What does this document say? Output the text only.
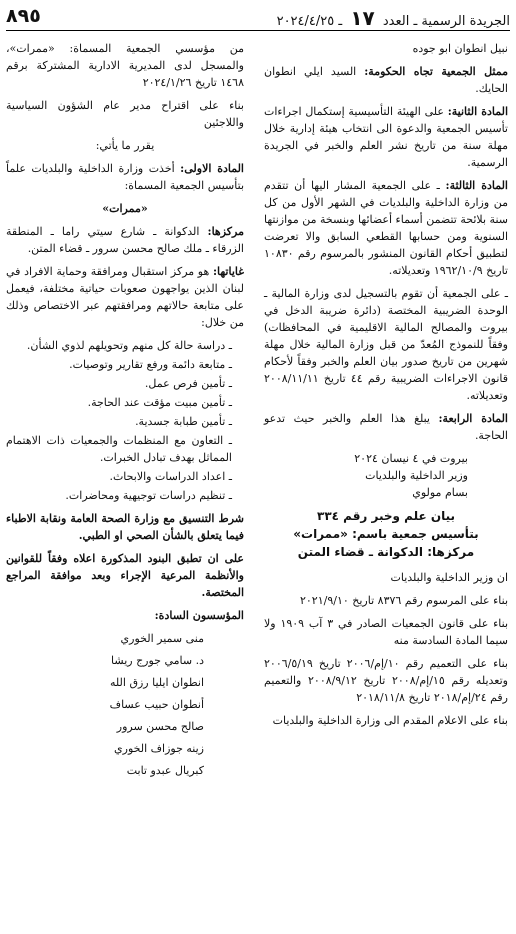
٨٩٥	الجريدة الرسمية ـ العدد ١٧ ـ ٢٠٢٤/٤/٢٥

نبيل انطوان ابو جوده

ممثل الجمعية تجاه الحكومة: السيد ايلي انطوان الحايك.

المادة الثانية: على الهيئة التأسيسية إستكمال اجراءات تأسيس الجمعية والدعوة الى انتخاب هيئة إدارية خلال مهلة سنة من تاريخ نشر العلم والخبر في الجريدة الرسمية.

المادة الثالثة: ـ على الجمعية المشار اليها أن تتقدم من وزارة الداخلية والبلديات في الشهر الأول من كل سنة بلائحة تتضمن أسماء أعضائها وبنسخة من موازنتها السنوية ومن حسابها القطعي السابق والا تعرضت لتطبيق أحكام القانون المنشور بالمرسوم رقم ١٠٨٣٠ تاريخ ١٩٦٢/١٠/٩ وتعديلاته.

ـ على الجمعية أن تقوم بالتسجيل لدى وزارة المالية ـ الوحدة الضريبية المختصة (دائرة ضريبة الدخل في بيروت والمصالح المالية الاقليمية في المحافظات) وفقاً للنموذج المُعدّ من قبل وزارة المالية خلال مهلة شهرين من تاريخ صدور بيان العلم والخبر وفقاً لأحكام قانون الاجراءات الضريبية رقم ٤٤ تاريخ ٢٠٠٨/١١/١١ وتعديلاته.

المادة الرابعة: يبلغ هذا العلم والخبر حيث تدعو الحاجة.

بيروت في ٤ نيسان ٢٠٢٤
وزير الداخلية والبلديات
بسام مولوي
بيان علم وخبر رقم ٣٣٤
بتأسيس جمعية باسم: «ممرات»
مركزها: الدكوانة ـ قضاء المتن

ان وزير الداخلية والبلديات

بناء على المرسوم رقم ٨٣٧٦ تاريخ ٢٠٢١/٩/١٠

بناء على قانون الجمعيات الصادر في ٣ آب ١٩٠٩ ولا سيما المادة السادسة منه

بناء على التعميم رقم ١٠/إم/٢٠٠٦ تاريخ ٢٠٠٦/٥/١٩ وتعديله رقم ١٥/إم/٢٠٠٨ تاريخ ٢٠٠٨/٩/١٢ والتعميم رقم ٢٤/إم/٢٠١٨ تاريخ ٢٠١٨/١١/٨

بناء على الاعلام المقدم الى وزارة الداخلية والبلديات

من مؤسسي الجمعية المسماة: «ممرات»، والمسجل لدى المديرية الادارية المشتركة برقم ١٤٦٨ تاريخ ٢٠٢٤/١/٢٦

بناء على اقتراح مدير عام الشؤون السياسية واللاجئين

يقرر ما يأتي:

المادة الاولى: أخذت وزارة الداخلية والبلديات علماً بتأسيس الجمعية المسماة:

«ممرات»

مركزها: الدكوانة ـ شارع سيتي راما ـ المنطقة الزرقاء ـ ملك صالح محسن سرور ـ قضاء المتن.

غاياتها: هو مركز استقبال ومرافقة وحماية الافراد في لبنان الذين يواجهون صعوبات حياتية مختلفة، فيعمل على متابعة حالاتهم ومرافقتهم عبر الاختصاص وذلك من خلال:

ـ دراسة حالة كل منهم وتحويلهم لذوي الشأن.
ـ متابعة دائمة ورفع تقارير وتوصيات.
ـ تأمين فرص عمل.
ـ تأمين مبيت مؤقت عند الحاجة.
ـ تأمين طبابة جسدية.
ـ التعاون مع المنظمات والجمعيات ذات الاهتمام المماثل بهدف تبادل الخبرات.
ـ اعداد الدراسات والابحاث.
ـ تنظيم دراسات توجيهية ومحاضرات.

شرط التنسيق مع وزارة الصحة العامة ونقابة الاطباء فيما يتعلق بالشأن الصحي او الطبي.

على ان تطبق البنود المذكورة اعلاه وفقاً للقوانين والأنظمة المرعية الإجراء وبعد موافقة المراجع المختصة.

المؤسسون السادة:

منى سمير الخوري
د. سامي جورج ريشا
انطوان ايليا رزق الله
أنطوان حبيب عساف
صالح محسن سرور
زينه جوزاف الخوري
كبريال عبدو تابت
